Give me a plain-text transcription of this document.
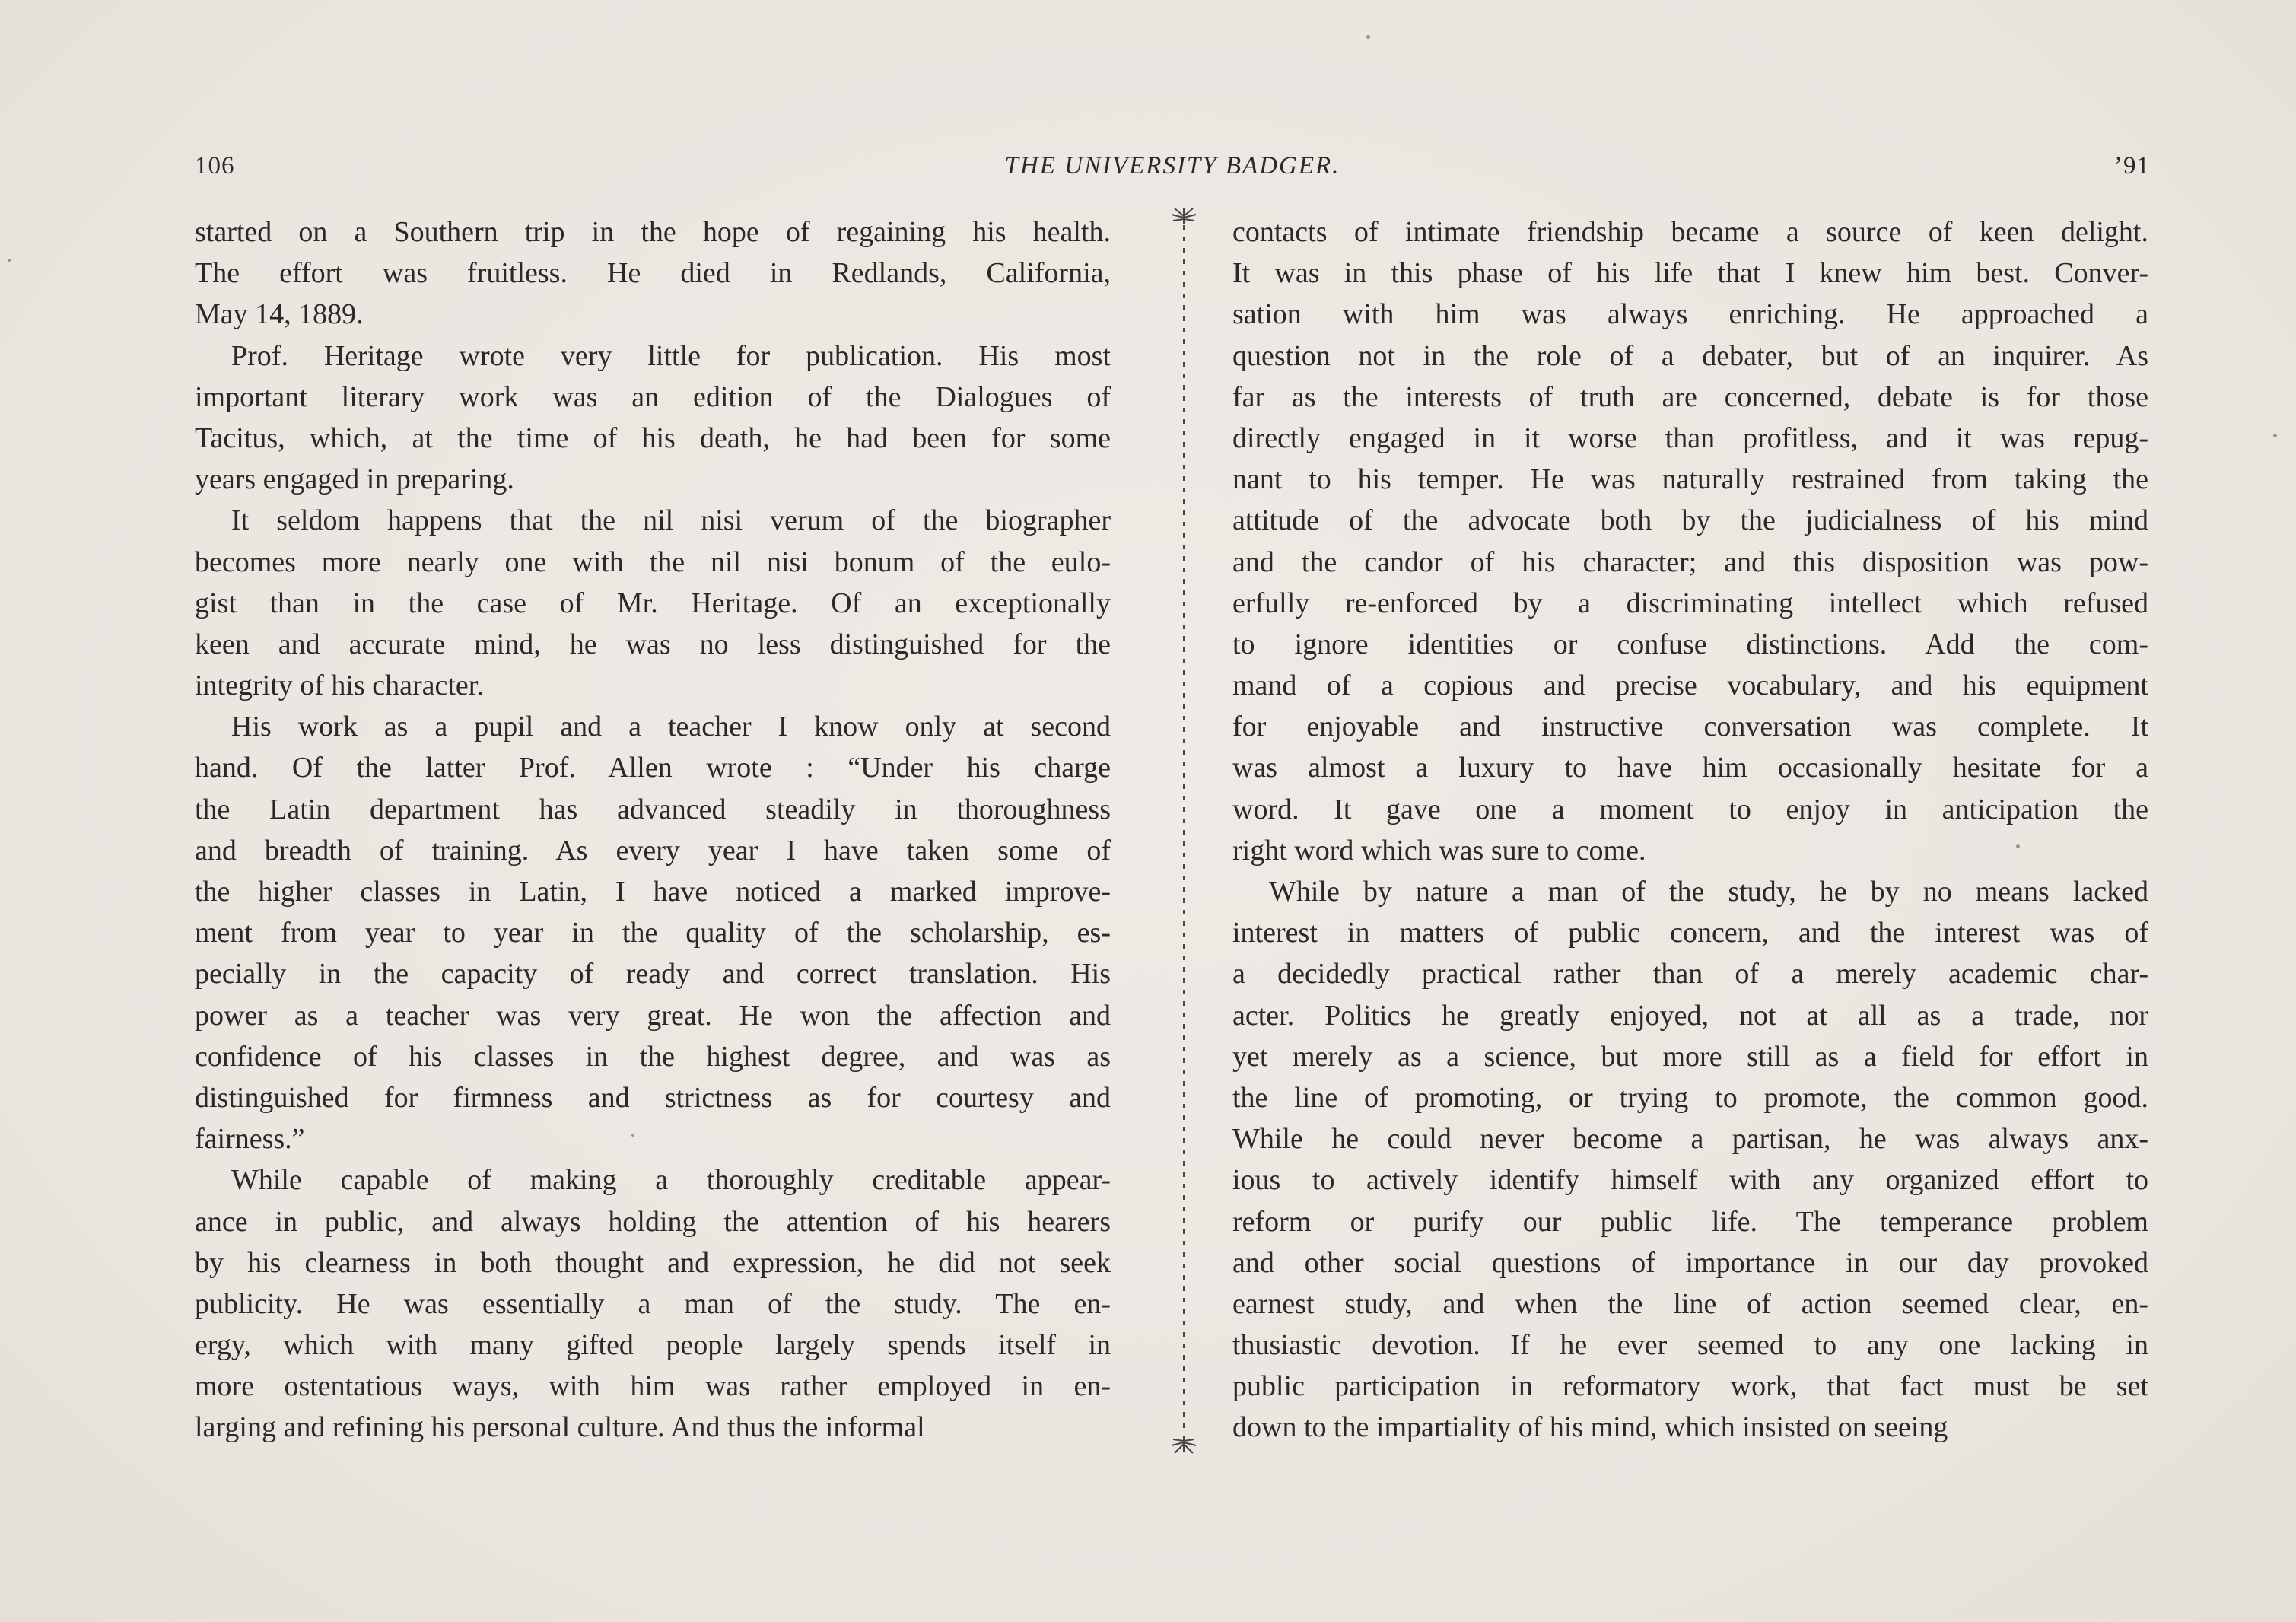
106	THE UNIVERSITY BADGER.	’91
started on a Southern trip in the hope of regaining his health.
The effort was fruitless. He died in Redlands, California,
May 14, 1889.
Prof. Heritage wrote very little for publication. His most
important literary work was an edition of the Dialogues of
Tacitus, which, at the time of his death, he had been for some
years engaged in preparing.
It seldom happens that the nil nisi verum of the biographer
becomes more nearly one with the nil nisi bonum of the eulo-
gist than in the case of Mr. Heritage. Of an exceptionally
keen and accurate mind, he was no less distinguished for the
integrity of his character.
His work as a pupil and a teacher I know only at second
hand. Of the latter Prof. Allen wrote : “Under his charge
the Latin department has advanced steadily in thoroughness
and breadth of training. As every year I have taken some of
the higher classes in Latin, I have noticed a marked improve-
ment from year to year in the quality of the scholarship, es-
pecially in the capacity of ready and correct translation. His
power as a teacher was very great. He won the affection and
confidence of his classes in the highest degree, and was as
distinguished for firmness and strictness as for courtesy and
fairness.”
While capable of making a thoroughly creditable appear-
ance in public, and always holding the attention of his hearers
by his clearness in both thought and expression, he did not seek
publicity. He was essentially a man of the study. The en-
ergy, which with many gifted people largely spends itself in
more ostentatious ways, with him was rather employed in en-
larging and refining his personal culture. And thus the informal
contacts of intimate friendship became a source of keen delight.
It was in this phase of his life that I knew him best. Conver-
sation with him was always enriching. He approached a
question not in the role of a debater, but of an inquirer. As
far as the interests of truth are concerned, debate is for those
directly engaged in it worse than profitless, and it was repug-
nant to his temper. He was naturally restrained from taking the
attitude of the advocate both by the judicialness of his mind
and the candor of his character; and this disposition was pow-
erfully re-enforced by a discriminating intellect which refused
to ignore identities or confuse distinctions. Add the com-
mand of a copious and precise vocabulary, and his equipment
for enjoyable and instructive conversation was complete. It
was almost a luxury to have him occasionally hesitate for a
word. It gave one a moment to enjoy in anticipation the
right word which was sure to come.
While by nature a man of the study, he by no means lacked
interest in matters of public concern, and the interest was of
a decidedly practical rather than of a merely academic char-
acter. Politics he greatly enjoyed, not at all as a trade, nor
yet merely as a science, but more still as a field for effort in
the line of promoting, or trying to promote, the common good.
While he could never become a partisan, he was always anx-
ious to actively identify himself with any organized effort to
reform or purify our public life. The temperance problem
and other social questions of importance in our day provoked
earnest study, and when the line of action seemed clear, en-
thusiastic devotion. If he ever seemed to any one lacking in
public participation in reformatory work, that fact must be set
down to the impartiality of his mind, which insisted on seeing
